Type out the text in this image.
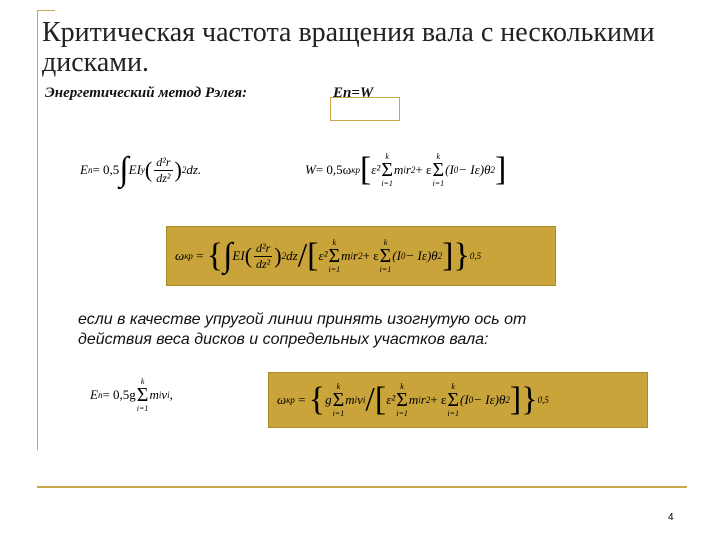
Критическая частота вращения вала с несколькими дисками.
Энергетический метод Рэлея:	Еп=W
E п = 0,5 ∫ EI y ( $\frac{\text{d²r}}{\text{dz²}}$ ) 2 dz.	W = 0,5ω кр [ ε²
k
Σ
i=1
m i r 2 + ε
k
Σ
i=1
(I 0 − I ε)θ 2 ]
ω кр = { ∫ EI ( $\frac{\text{d²r}}{\text{dz²}}$ ) 2 dz / [ ε²
k
Σ
i=1
m i r 2 + ε
k
Σ
i=1
(I 0 − I ε)θ 2 ] } 0,5
если в качестве упругой линии принять изогнутую ось от действия веса дисков и сопредельных участков вала:
E п = 0,5g
k
Σ
i=1
m i v i ,	ω кр = { g
k
Σ
i=1
m i v i / [ ε²
k
Σ
i=1
m i r 2 + ε
k
Σ
i=1
(I 0 − I ε)θ 2 ] } 0,5
4
